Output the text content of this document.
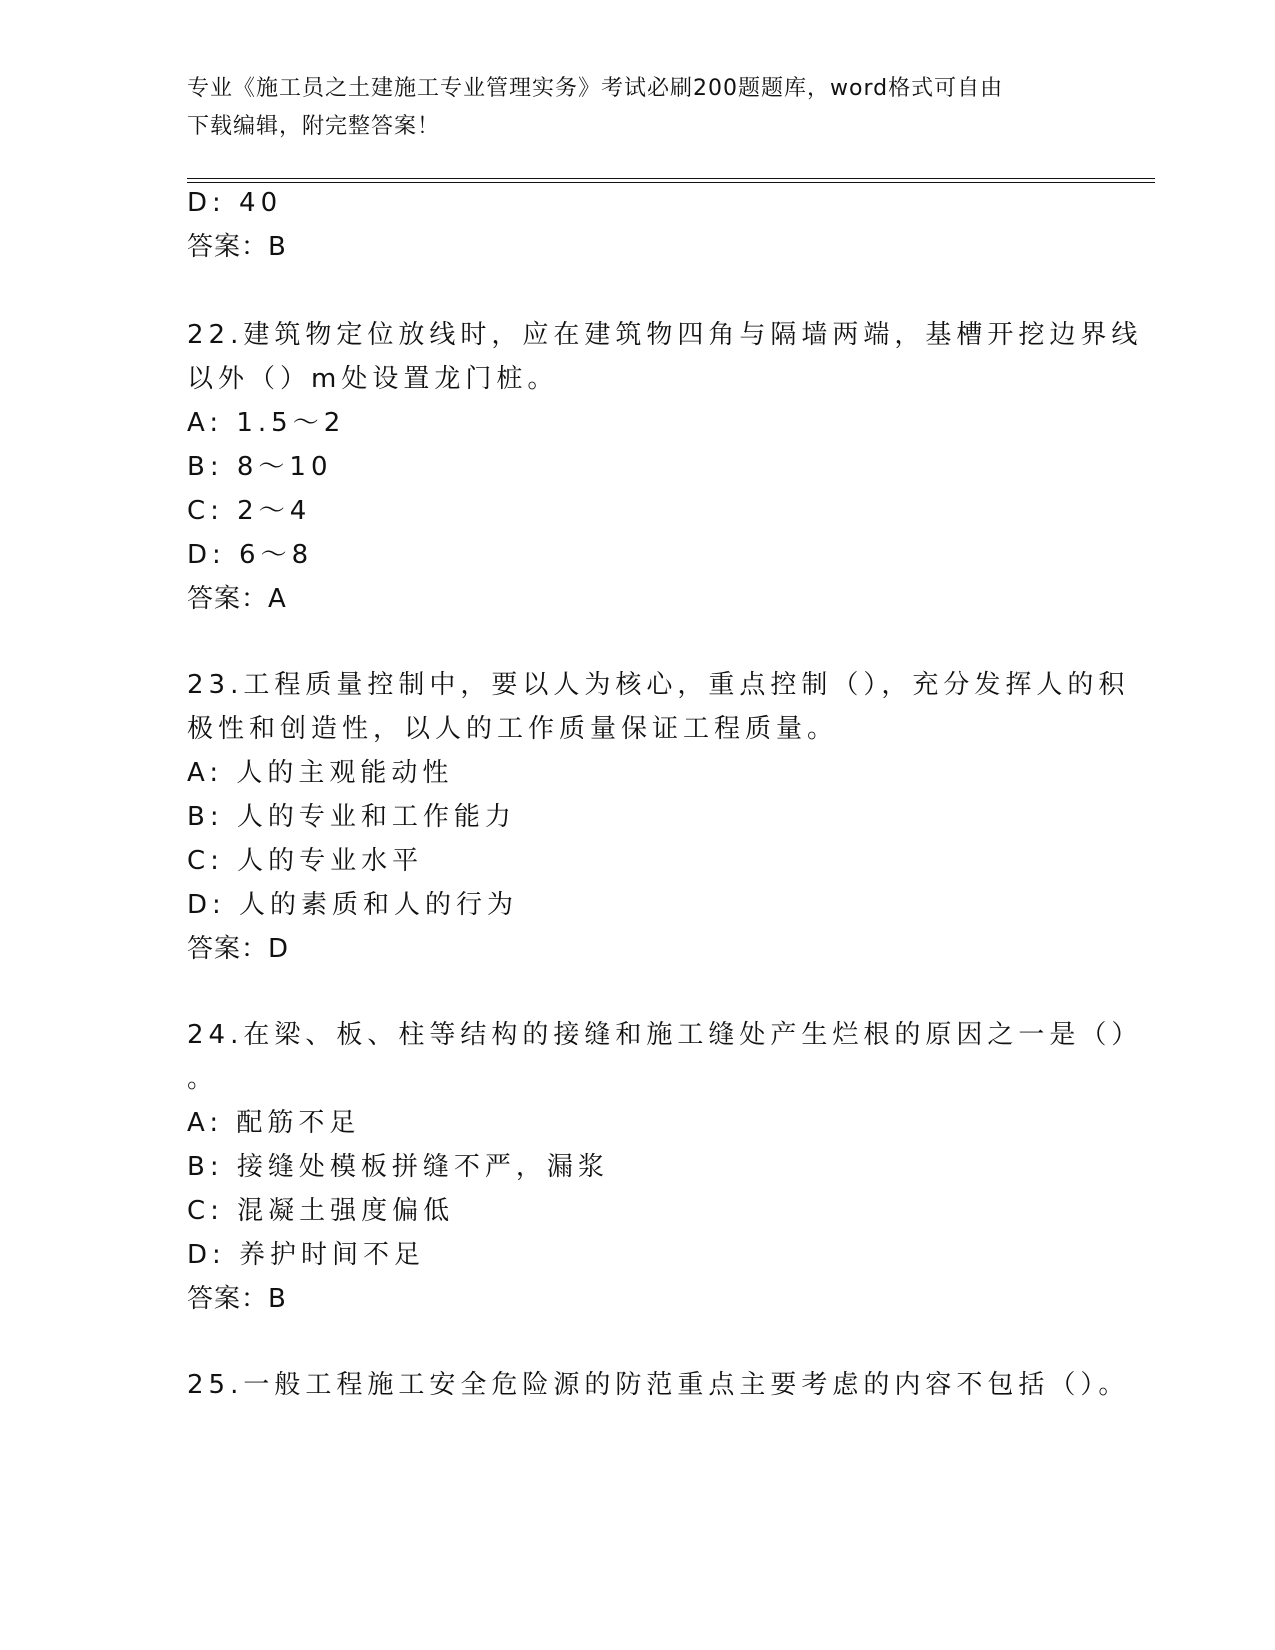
专业《施工员之土建施工专业管理实务》考试必刷200题题库，word格式可自由
下载编辑，附完整答案！
D: 40
答案：B
22.建筑物定位放线时，应在建筑物四角与隔墙两端，基槽开挖边界线
以外（）m处设置龙门桩。
A: 1.5～2
B: 8～10
C: 2～4
D: 6～8
答案：A
23.工程质量控制中，要以人为核心，重点控制（），充分发挥人的积
极性和创造性，以人的工作质量保证工程质量。
A: 人的主观能动性
B: 人的专业和工作能力
C: 人的专业水平
D: 人的素质和人的行为
答案：D
24.在梁、板、柱等结构的接缝和施工缝处产生烂根的原因之一是（）
。
A: 配筋不足
B: 接缝处模板拼缝不严，漏浆
C: 混凝土强度偏低
D: 养护时间不足
答案：B
25.一般工程施工安全危险源的防范重点主要考虑的内容不包括（）。
